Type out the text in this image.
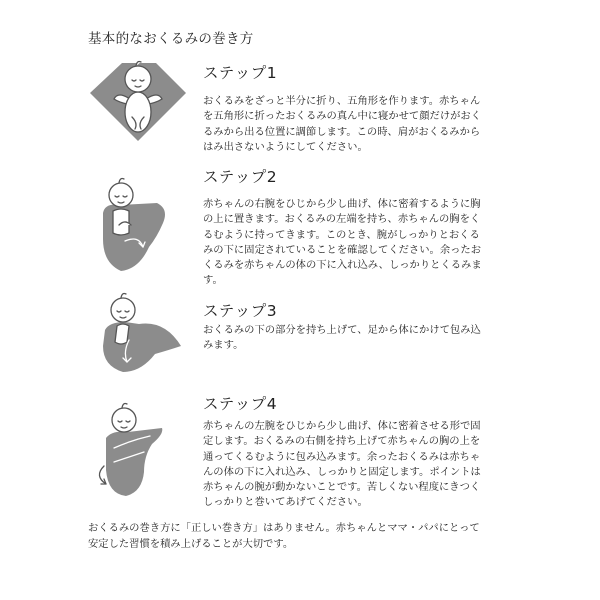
基本的なおくるみの巻き方
ステップ1

おくるみをざっと半分に折り、五角形を作ります。赤ちゃん
を五角形に折ったおくるみの真ん中に寝かせて顔だけがおく
るみから出る位置に調節します。この時、肩がおくるみから
はみ出さないようにしてください。

ステップ2

赤ちゃんの右腕をひじから少し曲げ、体に密着するように胸
の上に置きます。おくるみの左端を持ち、赤ちゃんの胸をく
るむように持ってきます。このとき、腕がしっかりとおくる
みの下に固定されていることを確認してください。余ったお
くるみを赤ちゃんの体の下に入れ込み、しっかりとくるみま
す。

ステップ3

おくるみの下の部分を持ち上げて、足から体にかけて包み込
みます。

ステップ4

赤ちゃんの左腕をひじから少し曲げ、体に密着させる形で固
定します。おくるみの右側を持ち上げて赤ちゃんの胸の上を
通ってくるむように包み込みます。余ったおくるみは赤ちゃ
んの体の下に入れ込み、しっかりと固定します。ポイントは
赤ちゃんの腕が動かないことです。苦しくない程度にきつく
しっかりと巻いてあげてください。

おくるみの巻き方に「正しい巻き方」はありません。赤ちゃんとママ・パパにとって
安定した習慣を積み上げることが大切です。
